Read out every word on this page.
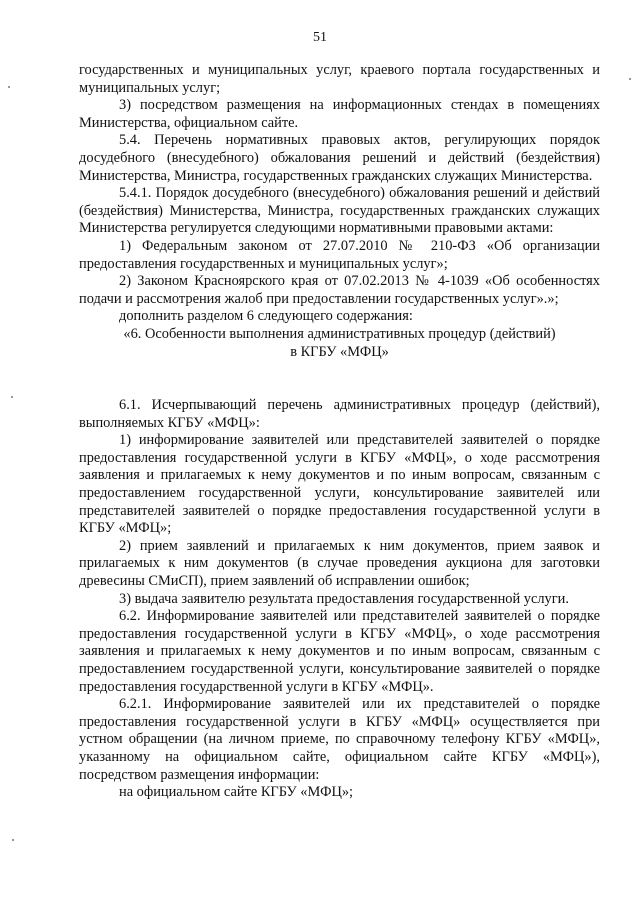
51

государственных и муниципальных услуг, краевого портала государственных и муниципальных услуг;

3) посредством размещения на информационных стендах в помещениях Министерства, официальном сайте.

5.4. Перечень нормативных правовых актов, регулирующих порядок досудебного (внесудебного) обжалования решений и действий (бездействия) Министерства, Министра, государственных гражданских служащих Министерства.

5.4.1. Порядок досудебного (внесудебного) обжалования решений и действий (бездействия) Министерства, Министра, государственных гражданских служащих Министерства регулируется следующими нормативными правовыми актами:

1) Федеральным законом от 27.07.2010 № 210-ФЗ «Об организации предоставления государственных и муниципальных услуг»;

2) Законом Красноярского края от 07.02.2013 № 4-1039 «Об особенностях подачи и рассмотрения жалоб при предоставлении государственных услуг».»;

дополнить разделом 6 следующего содержания:

«6. Особенности выполнения административных процедур (действий)

в КГБУ «МФЦ»

6.1. Исчерпывающий перечень административных процедур (действий), выполняемых КГБУ «МФЦ»:

1) информирование заявителей или представителей заявителей о порядке предоставления государственной услуги в КГБУ «МФЦ», о ходе рассмотрения заявления и прилагаемых к нему документов и по иным вопросам, связанным с предоставлением государственной услуги, консультирование заявителей или представителей заявителей о порядке предоставления государственной услуги в КГБУ «МФЦ»;

2) прием заявлений и прилагаемых к ним документов, прием заявок и прилагаемых к ним документов (в случае проведения аукциона для заготовки древесины СМиСП), прием заявлений об исправлении ошибок;

3) выдача заявителю результата предоставления государственной услуги.

6.2. Информирование заявителей или представителей заявителей о порядке предоставления государственной услуги в КГБУ «МФЦ», о ходе рассмотрения заявления и прилагаемых к нему документов и по иным вопросам, связанным с предоставлением государственной услуги, консультирование заявителей о порядке предоставления государственной услуги в КГБУ «МФЦ».

6.2.1. Информирование заявителей или их представителей о порядке предоставления государственной услуги в КГБУ «МФЦ» осуществляется при устном обращении (на личном приеме, по справочному телефону КГБУ «МФЦ», указанному на официальном сайте, официальном сайте КГБУ «МФЦ»), посредством размещения информации:

на официальном сайте КГБУ «МФЦ»;
